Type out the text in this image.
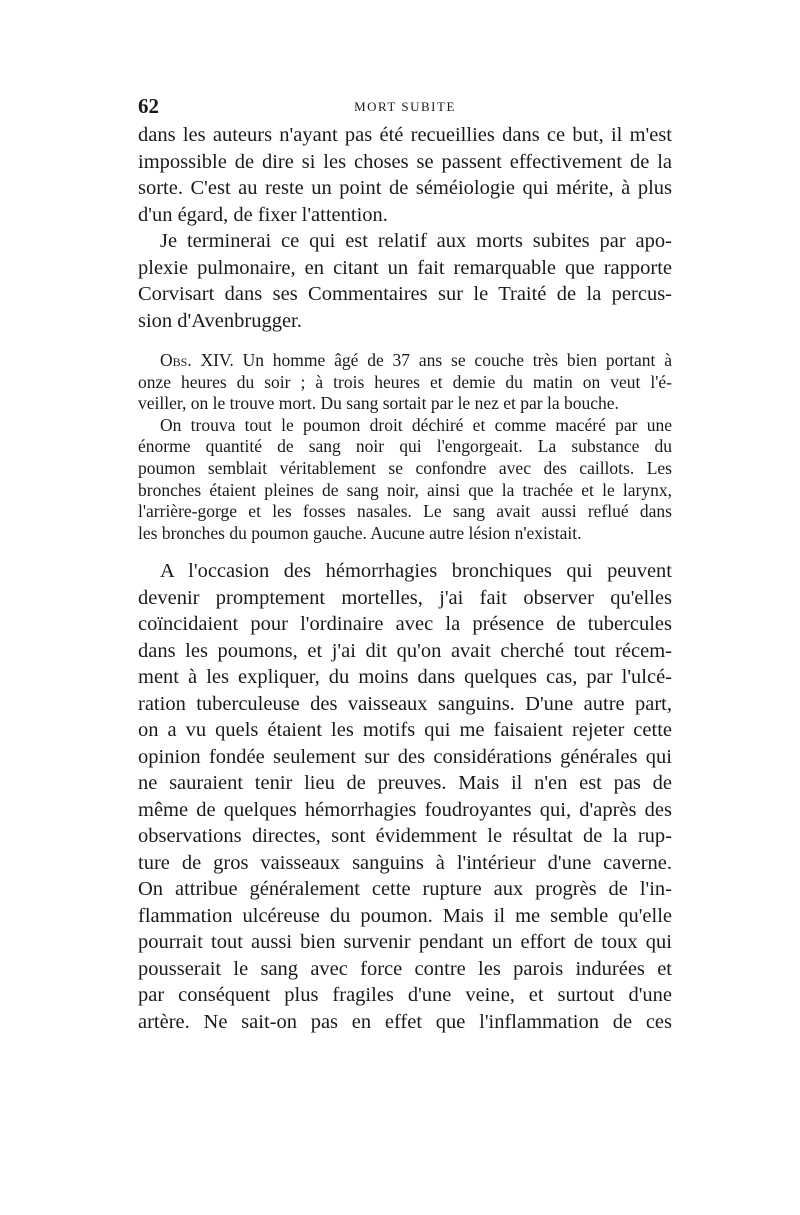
62	MORT SUBITE
dans les auteurs n'ayant pas été recueillies dans ce but, il m'est
impossible de dire si les choses se passent effectivement de la
sorte. C'est au reste un point de séméiologie qui mérite, à plus
d'un égard, de fixer l'attention.
Je terminerai ce qui est relatif aux morts subites par apo-
plexie pulmonaire, en citant un fait remarquable que rapporte
Corvisart dans ses Commentaires sur le Traité de la percus-
sion d'Avenbrugger.
Obs. XIV. Un homme âgé de 37 ans se couche très bien portant à
onze heures du soir ; à trois heures et demie du matin on veut l'é-
veiller, on le trouve mort. Du sang sortait par le nez et par la bouche.
On trouva tout le poumon droit déchiré et comme macéré par une
énorme quantité de sang noir qui l'engorgeait. La substance du
poumon semblait véritablement se confondre avec des caillots. Les
bronches étaient pleines de sang noir, ainsi que la trachée et le larynx,
l'arrière-gorge et les fosses nasales. Le sang avait aussi reflué dans
les bronches du poumon gauche. Aucune autre lésion n'existait.
A l'occasion des hémorrhagies bronchiques qui peuvent
devenir promptement mortelles, j'ai fait observer qu'elles
coïncidaient pour l'ordinaire avec la présence de tubercules
dans les poumons, et j'ai dit qu'on avait cherché tout récem-
ment à les expliquer, du moins dans quelques cas, par l'ulcé-
ration tuberculeuse des vaisseaux sanguins. D'une autre part,
on a vu quels étaient les motifs qui me faisaient rejeter cette
opinion fondée seulement sur des considérations générales qui
ne sauraient tenir lieu de preuves. Mais il n'en est pas de
même de quelques hémorrhagies foudroyantes qui, d'après des
observations directes, sont évidemment le résultat de la rup-
ture de gros vaisseaux sanguins à l'intérieur d'une caverne.
On attribue généralement cette rupture aux progrès de l'in-
flammation ulcéreuse du poumon. Mais il me semble qu'elle
pourrait tout aussi bien survenir pendant un effort de toux qui
pousserait le sang avec force contre les parois indurées et
par conséquent plus fragiles d'une veine, et surtout d'une
artère. Ne sait-on pas en effet que l'inflammation de ces
